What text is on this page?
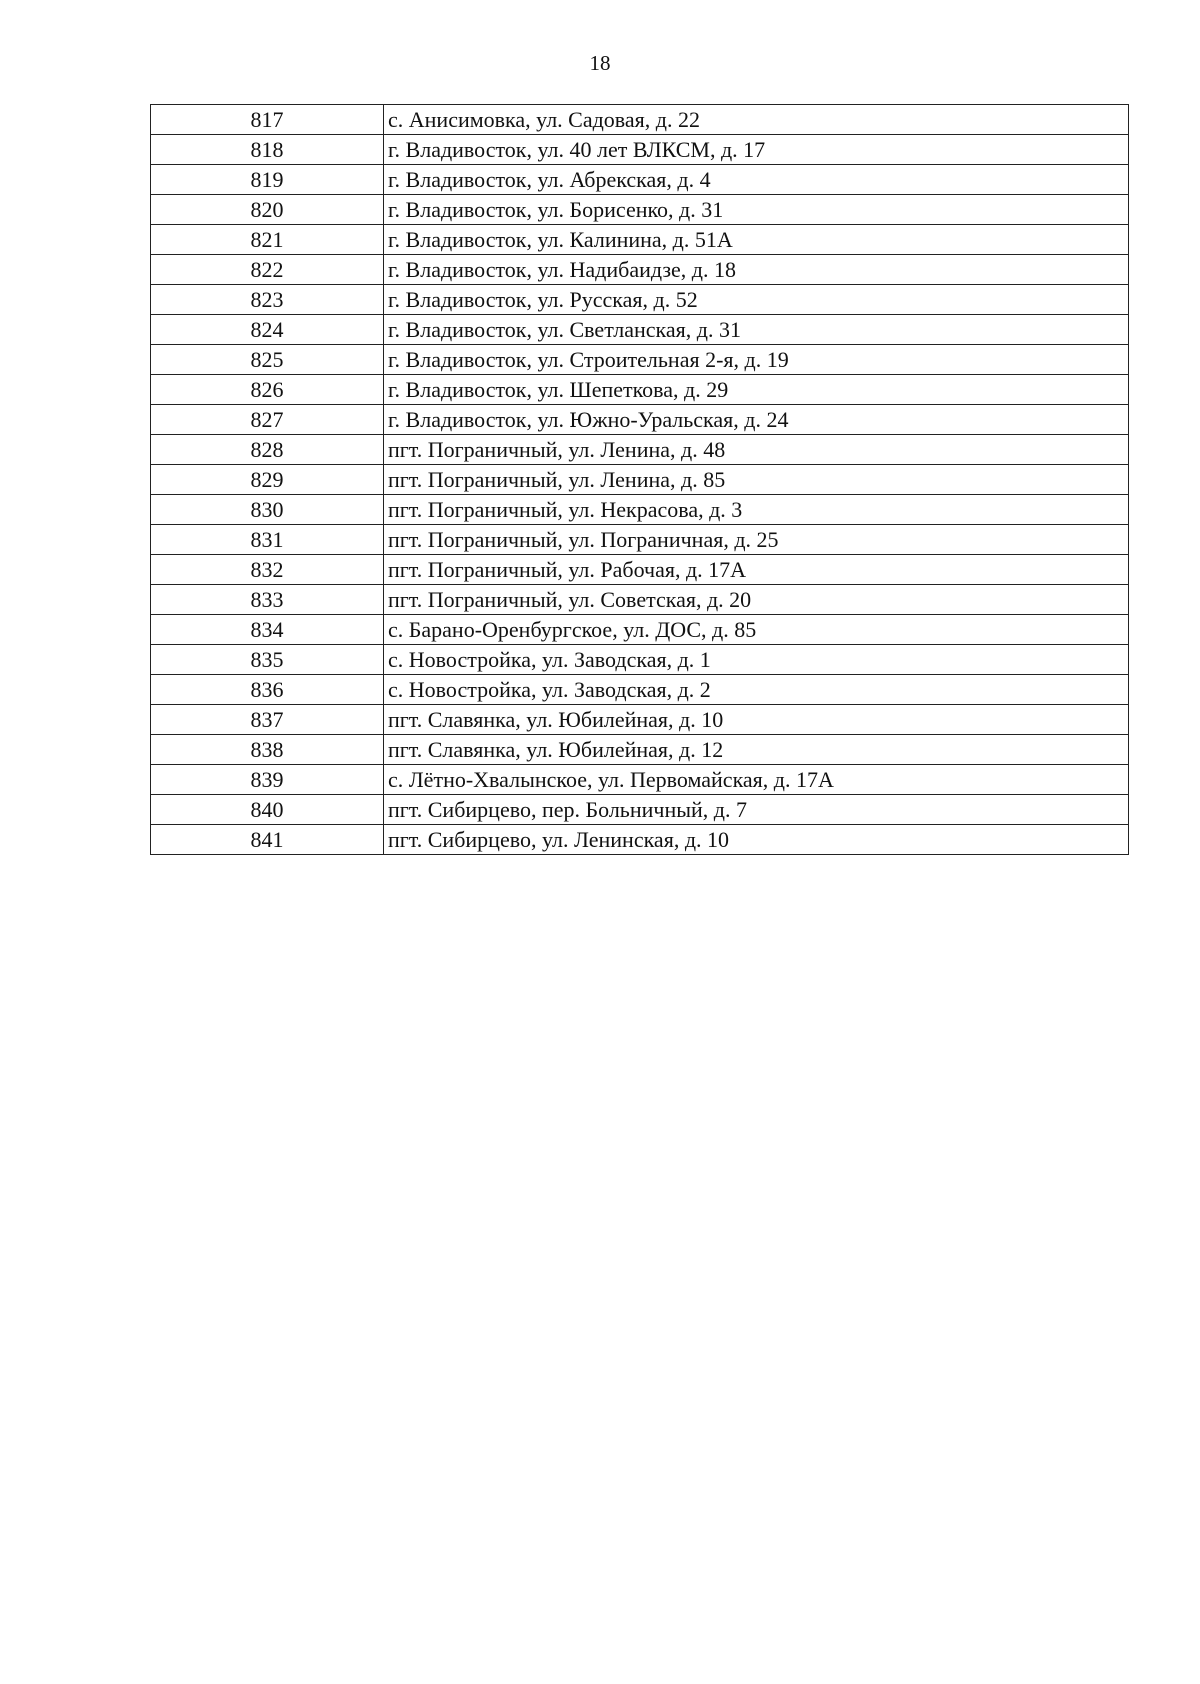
18
817	с. Анисимовка, ул. Садовая, д. 22
818	г. Владивосток, ул. 40 лет ВЛКСМ, д. 17
819	г. Владивосток, ул. Абрекская, д. 4
820	г. Владивосток, ул. Борисенко, д. 31
821	г. Владивосток, ул. Калинина, д. 51А
822	г. Владивосток, ул. Надибаидзе, д. 18
823	г. Владивосток, ул. Русская, д. 52
824	г. Владивосток, ул. Светланская, д. 31
825	г. Владивосток, ул. Строительная 2-я, д. 19
826	г. Владивосток, ул. Шепеткова, д. 29
827	г. Владивосток, ул. Южно-Уральская, д. 24
828	пгт. Пограничный, ул. Ленина, д. 48
829	пгт. Пограничный, ул. Ленина, д. 85
830	пгт. Пограничный, ул. Некрасова, д. 3
831	пгт. Пограничный, ул. Пограничная, д. 25
832	пгт. Пограничный, ул. Рабочая, д. 17А
833	пгт. Пограничный, ул. Советская, д. 20
834	с. Барано-Оренбургское, ул. ДОС, д. 85
835	с. Новостройка, ул. Заводская, д. 1
836	с. Новостройка, ул. Заводская, д. 2
837	пгт. Славянка, ул. Юбилейная, д. 10
838	пгт. Славянка, ул. Юбилейная, д. 12
839	с. Лётно-Хвалынское, ул. Первомайская, д. 17А
840	пгт. Сибирцево, пер. Больничный, д. 7
841	пгт. Сибирцево, ул. Ленинская, д. 10
